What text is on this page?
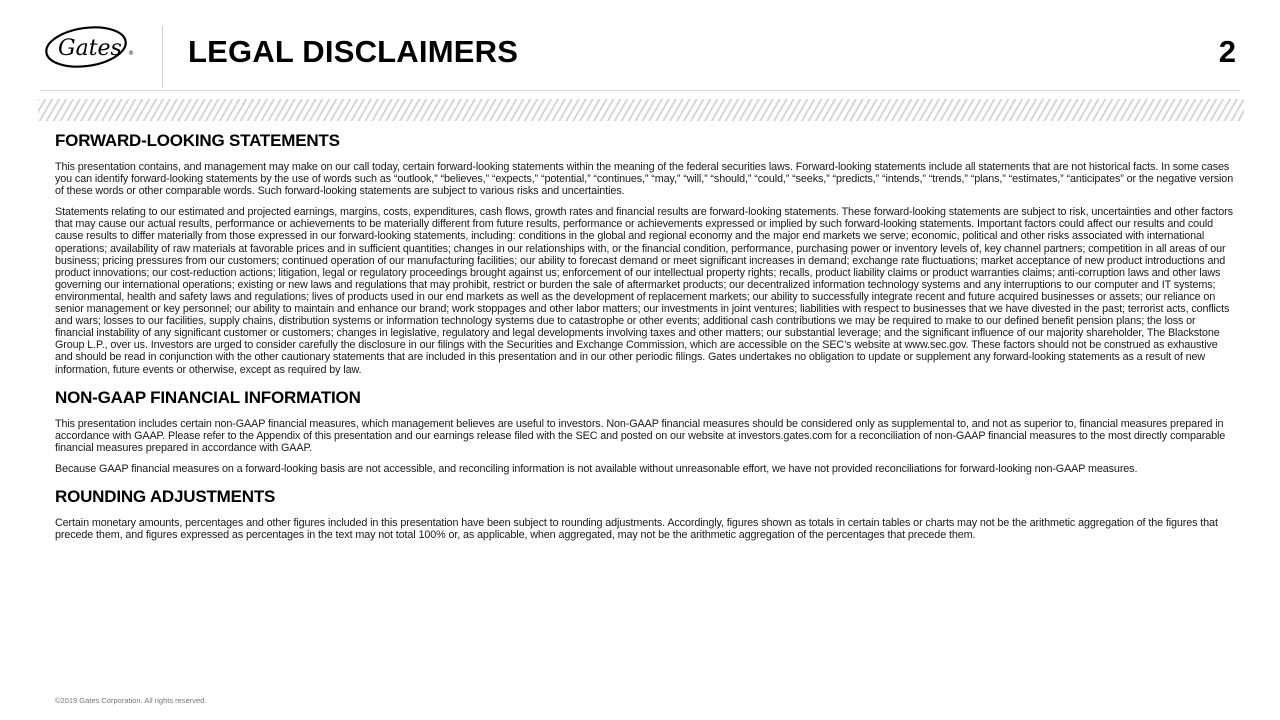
Gates ® LEGAL DISCLAIMERS	2
FORWARD-LOOKING STATEMENTS

This presentation contains, and management may make on our call today, certain forward-looking statements within the meaning of the federal securities laws. Forward-looking statements include all statements that are not historical facts. In some cases you can identify forward-looking statements by the use of words such as “outlook,” “believes,” “expects,” “potential,” “continues,” “may,” “will,” “should,” “could,” “seeks,” “predicts,” “intends,” “trends,” “plans,” “estimates,” “anticipates” or the negative version of these words or other comparable words. Such forward-looking statements are subject to various risks and uncertainties.

Statements relating to our estimated and projected earnings, margins, costs, expenditures, cash flows, growth rates and financial results are forward-looking statements. These forward-looking statements are subject to risk, uncertainties and other factors that may cause our actual results, performance or achievements to be materially different from future results, performance or achievements expressed or implied by such forward-looking statements. Important factors could affect our results and could cause results to differ materially from those expressed in our forward-looking statements, including: conditions in the global and regional economy and the major end markets we serve; economic, political and other risks associated with international operations; availability of raw materials at favorable prices and in sufficient quantities; changes in our relationships with, or the financial condition, performance, purchasing power or inventory levels of, key channel partners; competition in all areas of our business; pricing pressures from our customers; continued operation of our manufacturing facilities; our ability to forecast demand or meet significant increases in demand; exchange rate fluctuations; market acceptance of new product introductions and product innovations; our cost-reduction actions; litigation, legal or regulatory proceedings brought against us; enforcement of our intellectual property rights; recalls, product liability claims or product warranties claims; anti-corruption laws and other laws governing our international operations; existing or new laws and regulations that may prohibit, restrict or burden the sale of aftermarket products; our decentralized information technology systems and any interruptions to our computer and IT systems; environmental, health and safety laws and regulations; lives of products used in our end markets as well as the development of replacement markets; our ability to successfully integrate recent and future acquired businesses or assets; our reliance on senior management or key personnel; our ability to maintain and enhance our brand; work stoppages and other labor matters; our investments in joint ventures; liabilities with respect to businesses that we have divested in the past; terrorist acts, conflicts and wars; losses to our facilities, supply chains, distribution systems or information technology systems due to catastrophe or other events; additional cash contributions we may be required to make to our defined benefit pension plans; the loss or financial instability of any significant customer or customers; changes in legislative, regulatory and legal developments involving taxes and other matters; our substantial leverage; and the significant influence of our majority shareholder, The Blackstone Group L.P., over us. Investors are urged to consider carefully the disclosure in our filings with the Securities and Exchange Commission, which are accessible on the SEC’s website at www.sec.gov. These factors should not be construed as exhaustive and should be read in conjunction with the other cautionary statements that are included in this presentation and in our other periodic filings. Gates undertakes no obligation to update or supplement any forward-looking statements as a result of new information, future events or otherwise, except as required by law.

NON-GAAP FINANCIAL INFORMATION

This presentation includes certain non-GAAP financial measures, which management believes are useful to investors. Non-GAAP financial measures should be considered only as supplemental to, and not as superior to, financial measures prepared in accordance with GAAP. Please refer to the Appendix of this presentation and our earnings release filed with the SEC and posted on our website at investors.gates.com for a reconciliation of non-GAAP financial measures to the most directly comparable financial measures prepared in accordance with GAAP.

Because GAAP financial measures on a forward-looking basis are not accessible, and reconciling information is not available without unreasonable effort, we have not provided reconciliations for forward-looking non-GAAP measures.

ROUNDING ADJUSTMENTS

Certain monetary amounts, percentages and other figures included in this presentation have been subject to rounding adjustments. Accordingly, figures shown as totals in certain tables or charts may not be the arithmetic aggregation of the figures that precede them, and figures expressed as percentages in the text may not total 100% or, as applicable, when aggregated, may not be the arithmetic aggregation of the percentages that precede them.

©2019 Gates Corporation. All rights reserved.
